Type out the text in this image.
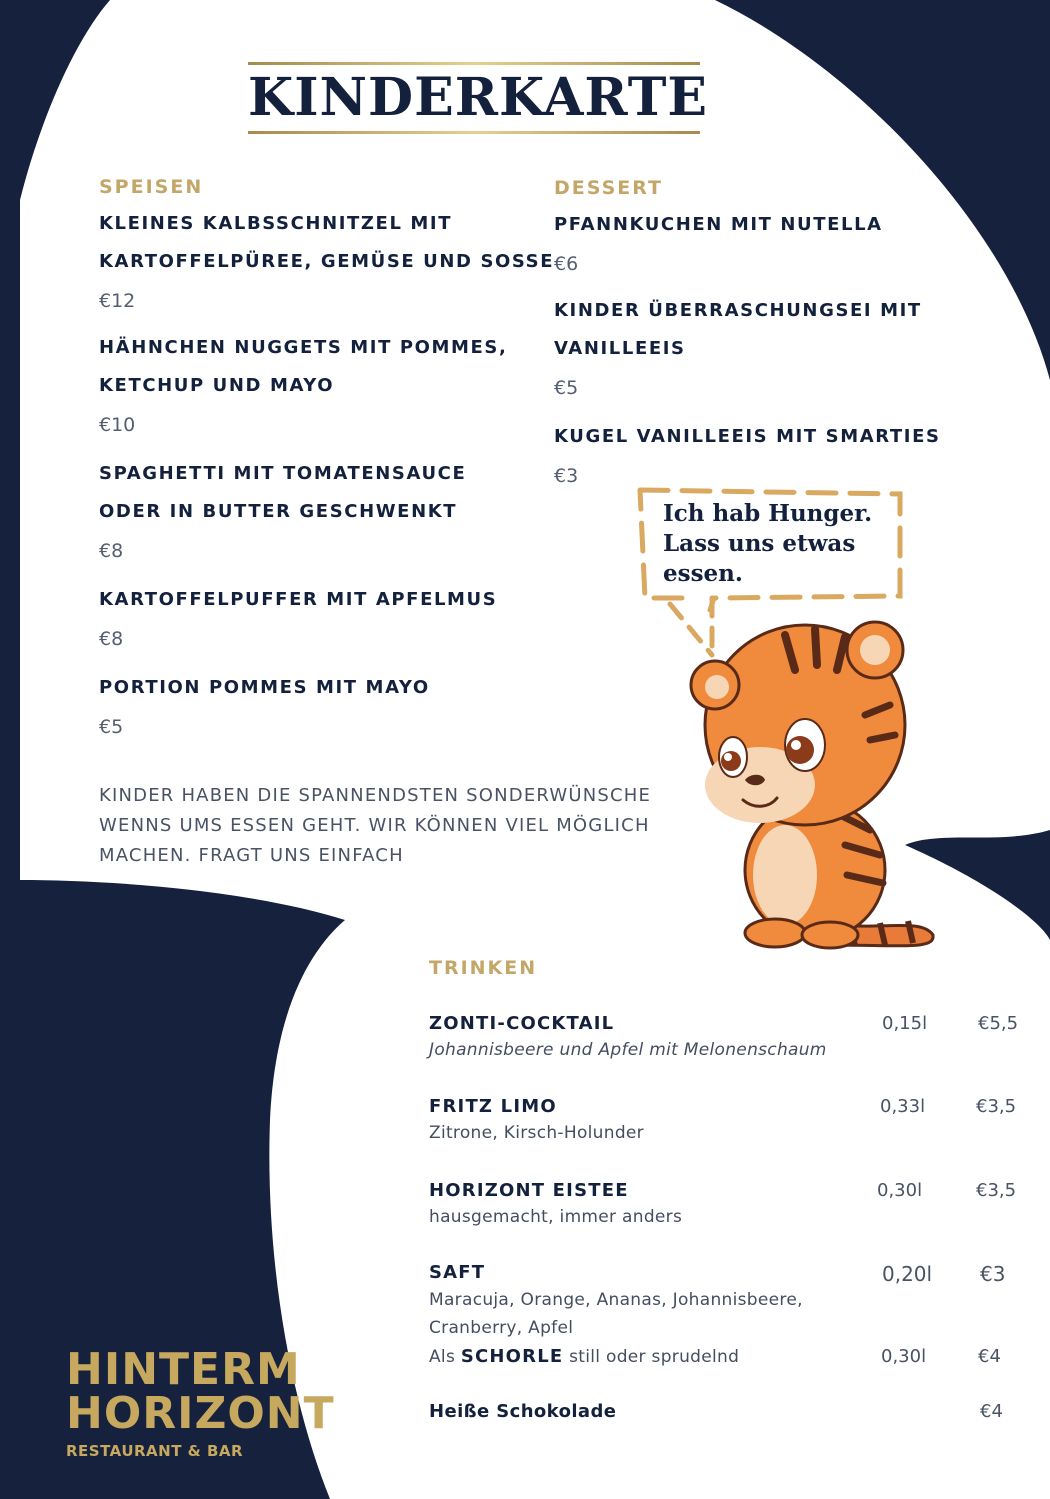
KINDERKARTE
SPEISEN
KLEINES KALBSSCHNITZEL MIT
KARTOFFELPÜREE, GEMÜSE UND SOSSE
€12
HÄHNCHEN NUGGETS MIT POMMES,
KETCHUP UND MAYO
€10
SPAGHETTI MIT TOMATENSAUCE
ODER IN BUTTER GESCHWENKT
€8
KARTOFFELPUFFER MIT APFELMUS
€8
PORTION POMMES MIT MAYO
€5
DESSERT
PFANNKUCHEN MIT NUTELLA
€6
KINDER ÜBERRASCHUNGSEI MIT
VANILLEEIS
€5
KUGEL VANILLEEIS MIT SMARTIES
€3
KINDER HABEN DIE SPANNENDSTEN SONDERWÜNSCHE
WENNS UMS ESSEN GEHT. WIR KÖNNEN VIEL MÖGLICH
MACHEN. FRAGT UNS EINFACH
Ich hab Hunger.
Lass uns etwas
essen.
TRINKEN
ZONTI-COCKTAIL
Johannisbeere und Apfel mit Melonenschaum
0,15l	€5,5
FRITZ LIMO
Zitrone, Kirsch-Holunder
0,33l	€3,5
HORIZONT EISTEE
hausgemacht, immer anders
0,30l	€3,5
SAFT
Maracuja, Orange, Ananas, Johannisbeere,
Cranberry, Apfel
0,20l €3
Als SCHORLE still oder sprudelnd	0,30l	€4
Heiße Schokolade	€4
HINTERM
HORIZONT
RESTAURANT & BAR
